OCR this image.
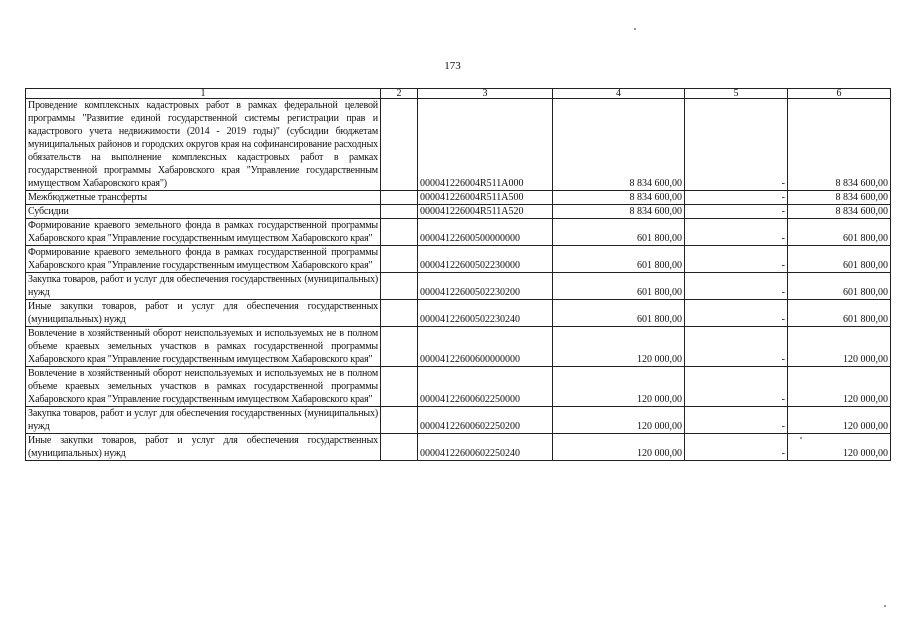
173
1	2	3	4	5	6
Проведение комплексных кадастровых работ в рамках федеральной целевой программы "Развитие единой государственной системы регистрации прав и кадастрового учета недвижимости (2014 - 2019 годы)" (субсидии бюджетам муниципальных районов и городских округов края на софинансирование расходных обязательств на выполнение комплексных кадастровых работ в рамках государственной программы Хабаровского края "Управление государственным имуществом Хабаровского края")		000041226004R511A000	8 834 600,00	-	8 834 600,00
Межбюджетные трансферты		000041226004R511A500	8 834 600,00	-	8 834 600,00
Субсидии		000041226004R511A520	8 834 600,00	-	8 834 600,00
Формирование краевого земельного фонда в рамках государственной программы Хабаровского края "Управление государственным имуществом Хабаровского края"		00004122600500000000	601 800,00	-	601 800,00
Формирование краевого земельного фонда в рамках государственной программы Хабаровского края "Управление государственным имуществом Хабаровского края"		00004122600502230000	601 800,00	-	601 800,00
Закупка товаров, работ и услуг для обеспечения государственных (муниципальных) нужд		00004122600502230200	601 800,00	-	601 800,00
Иные закупки товаров, работ и услуг для обеспечения государственных (муниципальных) нужд		00004122600502230240	601 800,00	-	601 800,00
Вовлечение в хозяйственный оборот неиспользуемых и используемых не в полном объеме краевых земельных участков в рамках государственной программы Хабаровского края "Управление государственным имуществом Хабаровского края"		00004122600600000000	120 000,00	-	120 000,00
Вовлечение в хозяйственный оборот неиспользуемых и используемых не в полном объеме краевых земельных участков в рамках государственной программы Хабаровского края "Управление государственным имуществом Хабаровского края"		00004122600602250000	120 000,00	-	120 000,00
Закупка товаров, работ и услуг для обеспечения государственных (муниципальных) нужд		00004122600602250200	120 000,00	-	120 000,00
Иные закупки товаров, работ и услуг для обеспечения государственных (муниципальных) нужд		00004122600602250240	120 000,00	-	120 000,00
